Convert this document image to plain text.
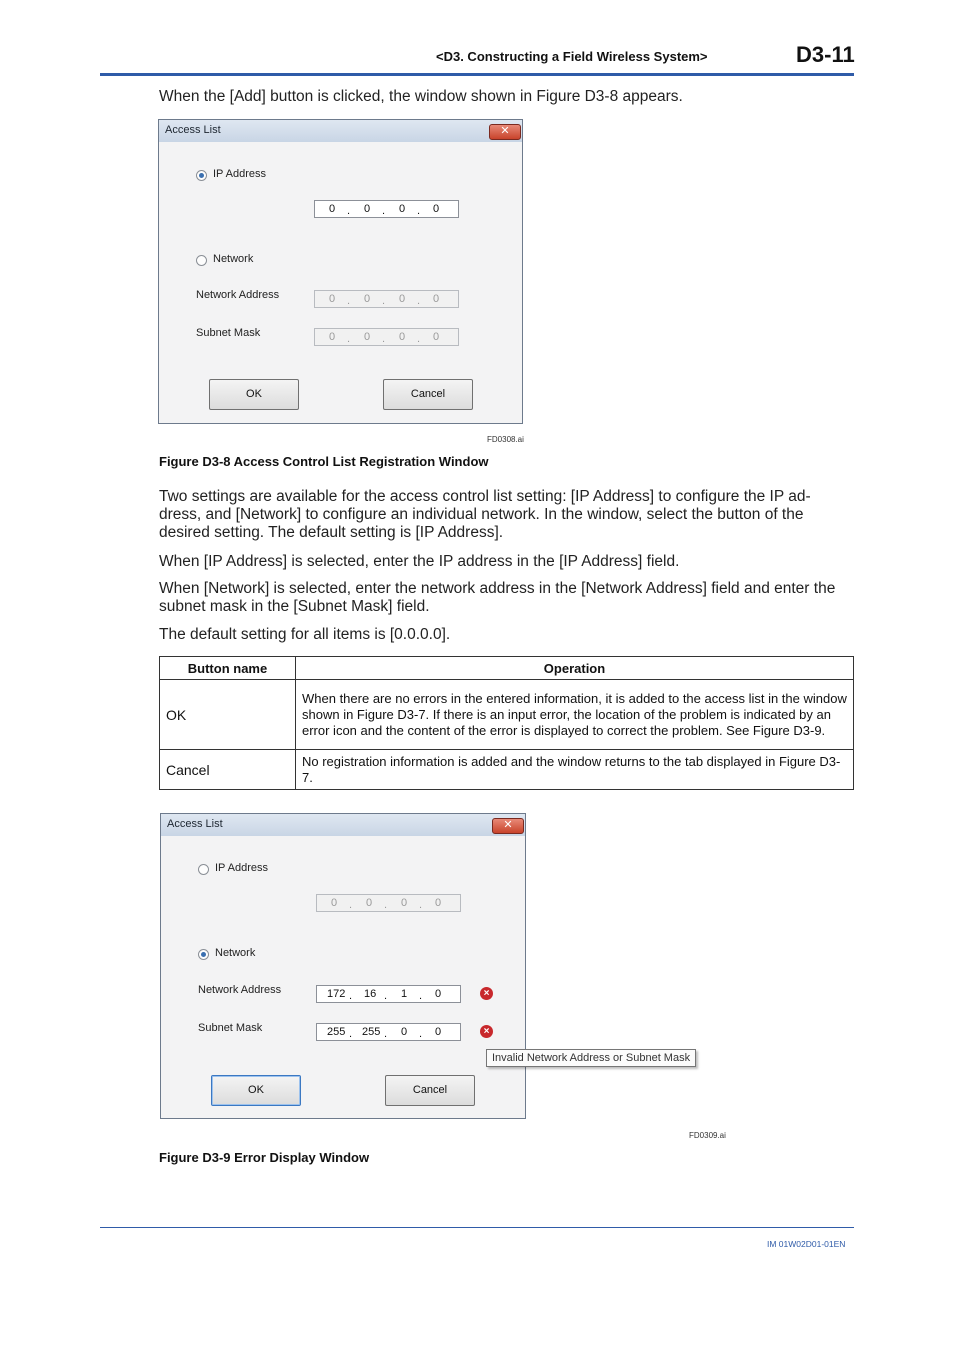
<D3. Constructing a Field Wireless System>	D3-11
When the [Add] button is clicked, the window shown in Figure D3-8 appears.
Access List	✕
IP Address
0 . 0 . 0 . 0
Network
Network Address	0 . 0 . 0 . 0
Subnet Mask	0 . 0 . 0 . 0
OK	Cancel
FD0308.ai
Figure D3-8 Access Control List Registration Window
Two settings are available for the access control list setting: [IP Address] to configure the IP ad-dress, and [Network] to configure an individual network. In the window, select the button of the desired setting. The default setting is [IP Address].
When [IP Address] is selected, enter the IP address in the [IP Address] field.
When [Network] is selected, enter the network address in the [Network Address] field and enter the subnet mask in the [Subnet Mask] field.
The default setting for all items is [0.0.0.0].
Button name	Operation
OK	When there are no errors in the entered information, it is added to the access list in the window shown in Figure D3-7. If there is an input error, the location of the problem is indicated by an error icon and the content of the error is displayed to correct the problem. See Figure D3-9.
Cancel	No registration information is added and the window returns to the tab displayed in Figure D3-7.
Access List	✕
IP Address
0 . 0 . 0 . 0
Network
Network Address	172 . 16 . 1 . 0	×
Subnet Mask	255 . 255 . 0 . 0	×
OK	Cancel
Invalid Network Address or Subnet Mask
FD0309.ai
Figure D3-9 Error Display Window
IM 01W02D01-01EN
